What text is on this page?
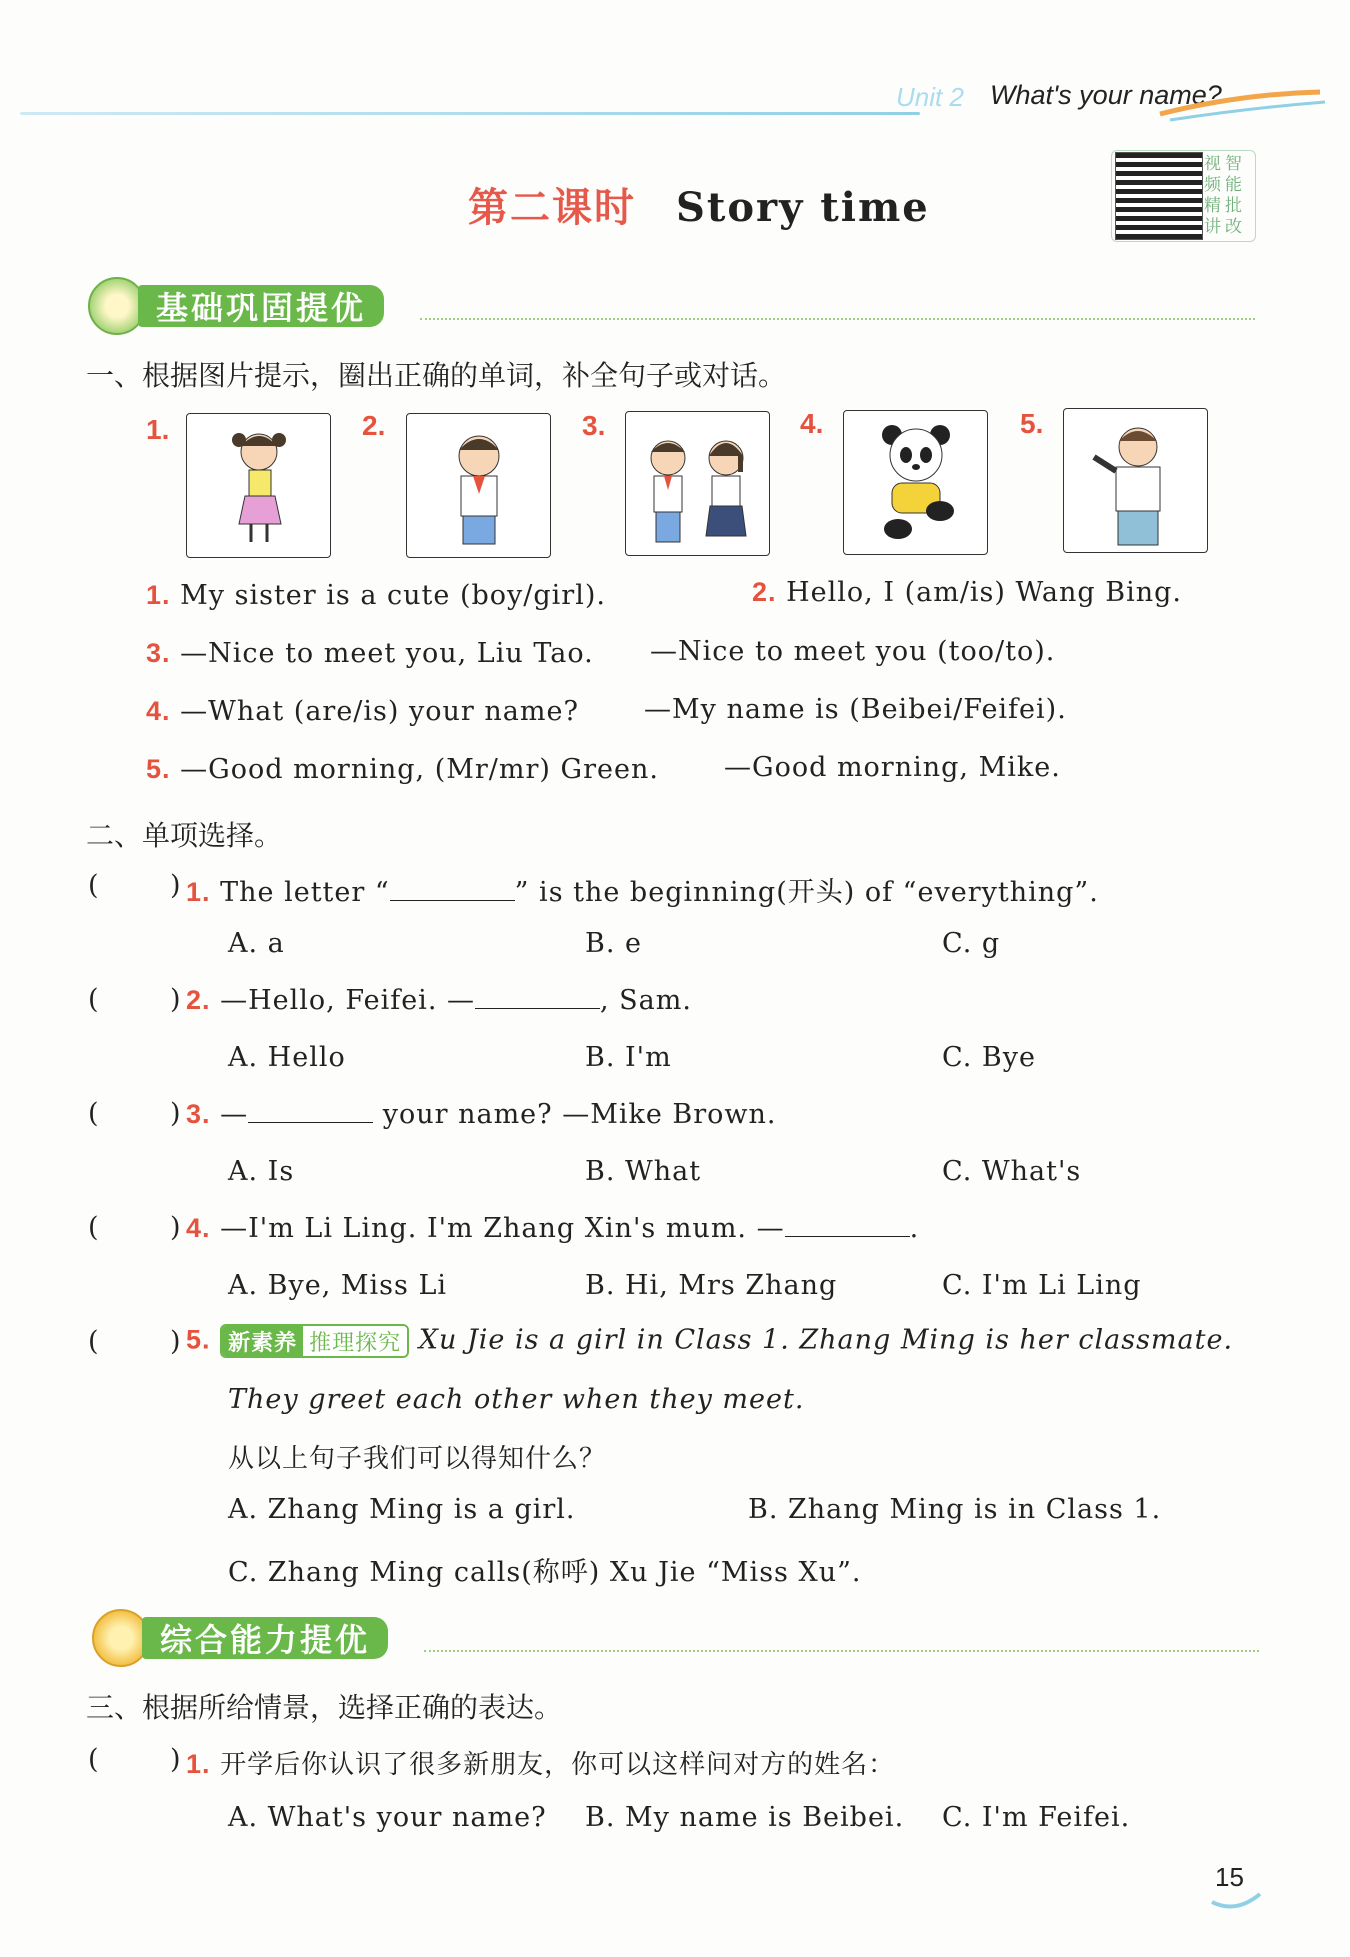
Unit 2 What's your name?
第二课时 Story time
视智频能精批讲改
基础巩固提优
一、根据图片提示，圈出正确的单词，补全句子或对话。
1.	2.	3.	4.	5.
1. My sister is a cute (boy/girl).	2. Hello, I (am/is) Wang Bing.
3. —Nice to meet you, Liu Tao. —Nice to meet you (too/to).
4. —What (are/is) your name? —My name is (Beibei/Feifei).
5. —Good morning, (Mr/mr) Green. —Good morning, Mike.
二、单项选择。
(	) 1. The letter “	” is the beginning(开头) of “everything”.
A. a	B. e	C. g
(	) 2. —Hello, Feifei. —	, Sam.
A. Hello	B. I'm	C. Bye
(	) 3. —	your name? —Mike Brown.
A. Is	B. What	C. What's
(	) 4. —I'm Li Ling. I'm Zhang Xin's mum. —	.
A. Bye, Miss Li	B. Hi, Mrs Zhang	C. I'm Li Ling
(	) 5. 新素养 推理探究 Xu Jie is a girl in Class 1. Zhang Ming is her classmate.
They greet each other when they meet.
从以上句子我们可以得知什么？
A. Zhang Ming is a girl.	B. Zhang Ming is in Class 1.
C. Zhang Ming calls(称呼) Xu Jie “Miss Xu”.
综合能力提优
三、根据所给情景，选择正确的表达。
(	) 1. 开学后你认识了很多新朋友，你可以这样问对方的姓名：
A. What's your name? B. My name is Beibei. C. I'm Feifei.
15
